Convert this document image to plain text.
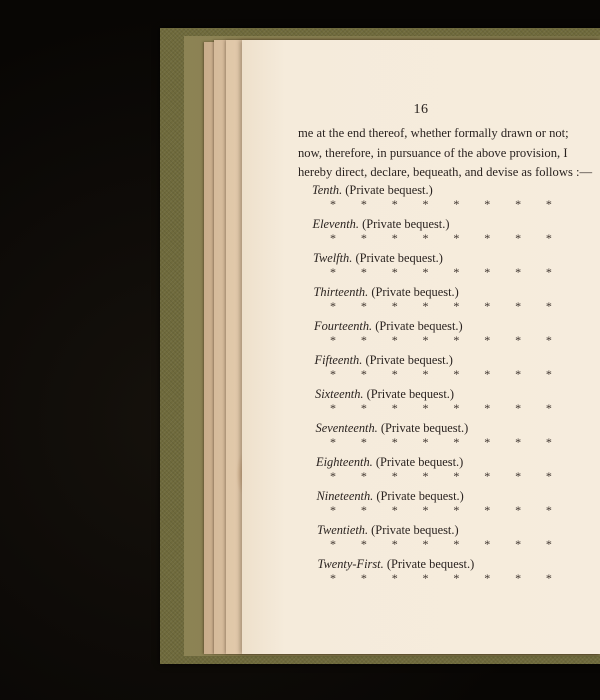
16
me at the end thereof, whether formally drawn or not;
now, therefore, in pursuance of the above provision, I
hereby direct, declare, bequeath, and devise as follows :—
Tenth. (Private bequest.)
* * * * * * * *
Eleventh. (Private bequest.)
* * * * * * * *
Twelfth. (Private bequest.)
* * * * * * * *
Thirteenth. (Private bequest.)
* * * * * * * *
Fourteenth. (Private bequest.)
* * * * * * * *
Fifteenth. (Private bequest.)
* * * * * * * *
Sixteenth. (Private bequest.)
* * * * * * * *
Seventeenth. (Private bequest.)
* * * * * * * *
Eighteenth. (Private bequest.)
* * * * * * * *
Nineteenth. (Private bequest.)
* * * * * * * *
Twentieth. (Private bequest.)
* * * * * * * *
Twenty-First. (Private bequest.)
* * * * * * * *
